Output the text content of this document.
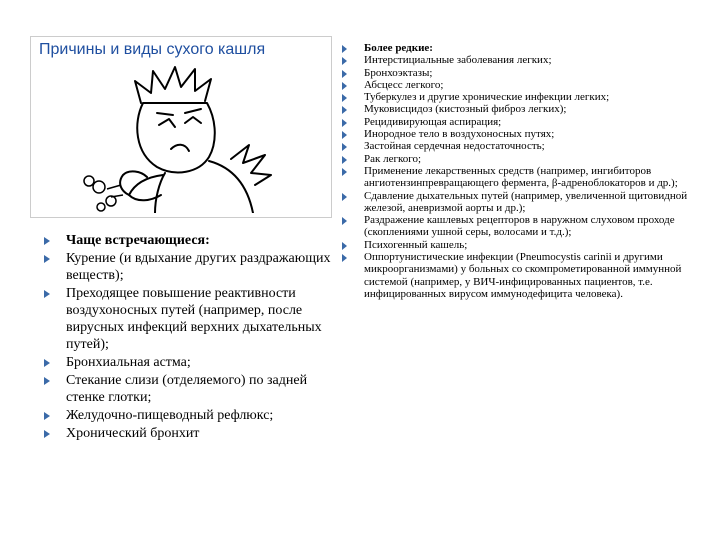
Причины и виды сухого кашля
Чаще встречающиеся:
Курение (и вдыхание других раздражающих веществ);
Преходящее повышение реактивности воздухоносных путей (например, после вирусных инфекций верхних дыхательных путей);
Бронхиальная астма;
Стекание слизи (отделяемого) по задней стенке глотки;
Желудочно-пищеводный рефлюкс;
Хронический бронхит
Более редкие:
Интерстициальные заболевания легких;
Бронхоэктазы;
Абсцесс легкого;
Туберкулез и другие хронические инфекции легких;
Муковисцидоз (кистозный фиброз легких);
Рецидивирующая аспирация;
Инородное тело в воздухоносных путях;
Застойная сердечная недостаточность;
Рак легкого;
Применение лекарственных средств (например, ингибиторов ангиотензинпревращающего фермента, β-адреноблокаторов и др.);
Сдавление дыхательных путей (например, увеличенной щитовидной железой, аневризмой аорты и др.);
Раздражение кашлевых рецепторов в наружном слуховом проходе (скоплениями ушной серы, волосами и т.д.);
Психогенный кашель;
Оппортунистические инфекции (Pneumocystis carinii и другими микроорганизмами) у больных со скомпрометированной иммунной системой (например, у ВИЧ-инфицированных пациентов, т.е. инфицированных вирусом иммунодефицита человека).
